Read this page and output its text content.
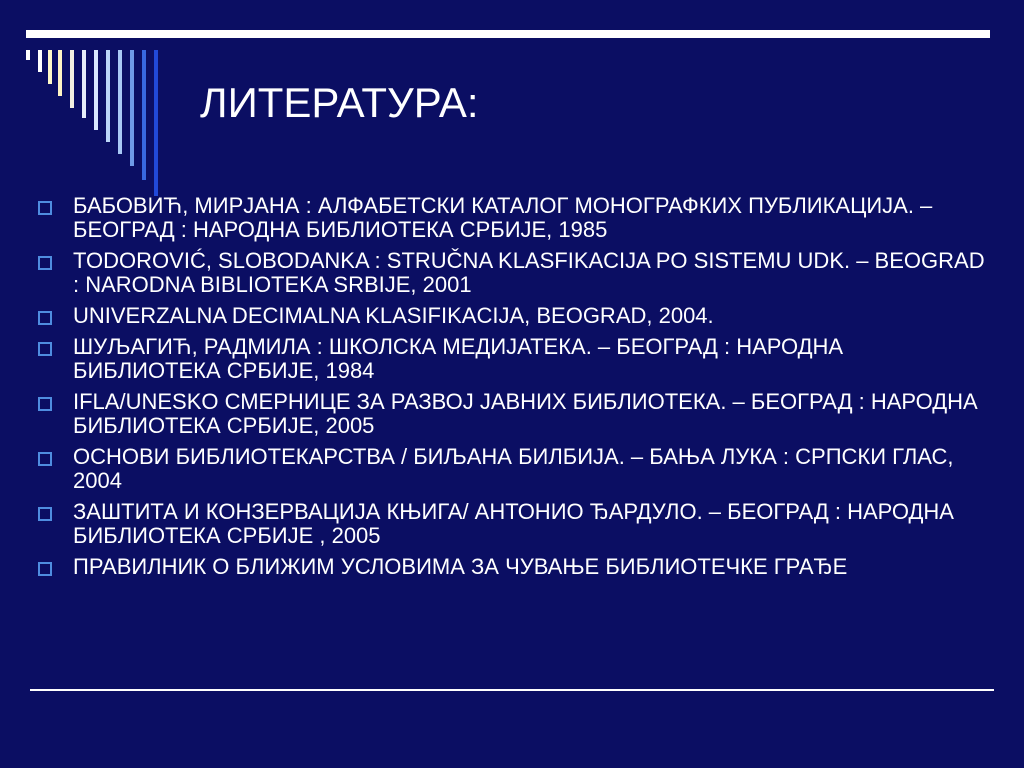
ЛИТЕРАТУРА:
БАБОВИЋ, МИРЈАНА : АЛФАБЕТСКИ КАТАЛОГ МОНОГРАФКИХ ПУБЛИКАЦИЈА. – БЕОГРАД : НАРОДНА БИБЛИОТЕКА СРБИЈЕ, 1985
TODOROVIĆ, SLOBODANKA : STRUČNA KLASFIKACIJA PO SISTEMU UDK. – BEOGRAD : NARODNA BIBLIOTEKA SRBIJE, 2001
UNIVERZALNA DECIMALNA KLASIFIKACIJA, BEOGRAD, 2004.
ШУЉАГИЋ, РАДМИЛА : ШКОЛСКА МЕДИЈАТЕКА. – БЕОГРАД : НАРОДНА БИБЛИОТЕКА СРБИЈЕ, 1984
IFLA/UNESKO СМЕРНИЦЕ ЗА РАЗВОЈ ЈАВНИХ БИБЛИОТЕКА. – БЕОГРАД : НАРОДНА БИБЛИОТЕКА СРБИЈЕ, 2005
ОСНОВИ БИБЛИОТЕКАРСТВА / БИЉАНА БИЛБИЈА. – БАЊА ЛУКА : СРПСКИ ГЛАС, 2004
ЗАШТИТА И КОНЗЕРВАЦИЈА КЊИГА/ АНТОНИО ЂАРДУЛО. – БЕОГРАД : НАРОДНА БИБЛИОТЕКА СРБИЈЕ , 2005
ПРАВИЛНИК О БЛИЖИМ УСЛОВИМА ЗА ЧУВАЊЕ БИБЛИОТЕЧКЕ ГРАЂЕ
